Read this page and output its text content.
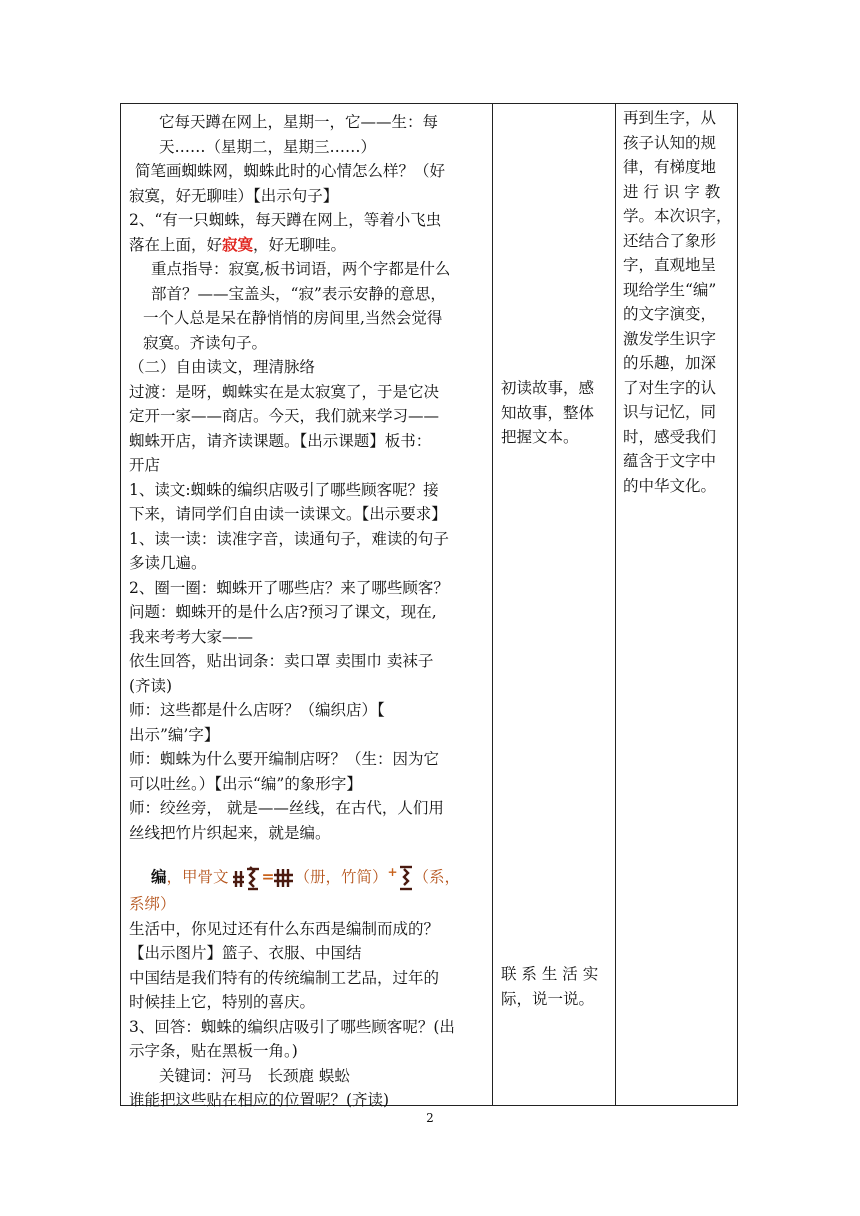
它每天蹲在网上，星期一，它——生：每
天……（星期二，星期三……）
简笔画蜘蛛网，蜘蛛此时的心情怎么样？（好
寂寞，好无聊哇）【出示句子】
2、“有一只蜘蛛，每天蹲在网上，等着小飞虫
落在上面，好寂寞，好无聊哇。
重点指导：寂寞,板书词语，两个字都是什么
部首？——宝盖头，“寂”表示安静的意思，
一个人总是呆在静悄悄的房间里,当然会觉得
寂寞。齐读句子。
（二）自由读文，理清脉络
过渡：是呀，蜘蛛实在是太寂寞了，于是它决
定开一家——商店。今天，我们就来学习——
蜘蛛开店，请齐读课题。【出示课题】板书：
开店
1、读文:蜘蛛的编织店吸引了哪些顾客呢？接
下来，请同学们自由读一读课文。【出示要求】
1、读一读：读准字音，读通句子，难读的句子
多读几遍。
2、圈一圈：蜘蛛开了哪些店？来了哪些顾客？
问题：蜘蛛开的是什么店?预习了课文，现在,
我来考考大家——
依生回答，贴出词条：卖口罩 卖围巾 卖袜子
(齐读)
师：这些都是什么店呀？（编织店）【
出示”编’字】
师：蜘蛛为什么要开编制店呀？（生：因为它
可以吐丝。）【出示“编”的象形字】
师：绞丝旁， 就是——丝线，在古代，人们用
丝线把竹片织起来，就是编。
编，甲骨文 = （册，竹简）+ （系，
系绑）
生活中，你见过还有什么东西是编制而成的？
【出示图片】篮子、衣服、中国结
中国结是我们特有的传统编制工艺品，过年的
时候挂上它，特别的喜庆。
3、回答：蜘蛛的编织店吸引了哪些顾客呢？(出
示字条，贴在黑板一角。)
关键词：河马　长颈鹿 蜈蚣
谁能把这些贴在相应的位置呢？(齐读)
初读故事，感
知故事，整体
把握文本。
联 系 生 活 实
际，说一说。
再到生字，从
孩子认知的规
律，有梯度地
进 行 识 字 教
学。本次识字，
还结合了象形
字，直观地呈
现给学生“编”
的文字演变，
激发学生识字
的乐趣，加深
了对生字的认
识与记忆，同
时，感受我们
蕴含于文字中
的中华文化。
2
